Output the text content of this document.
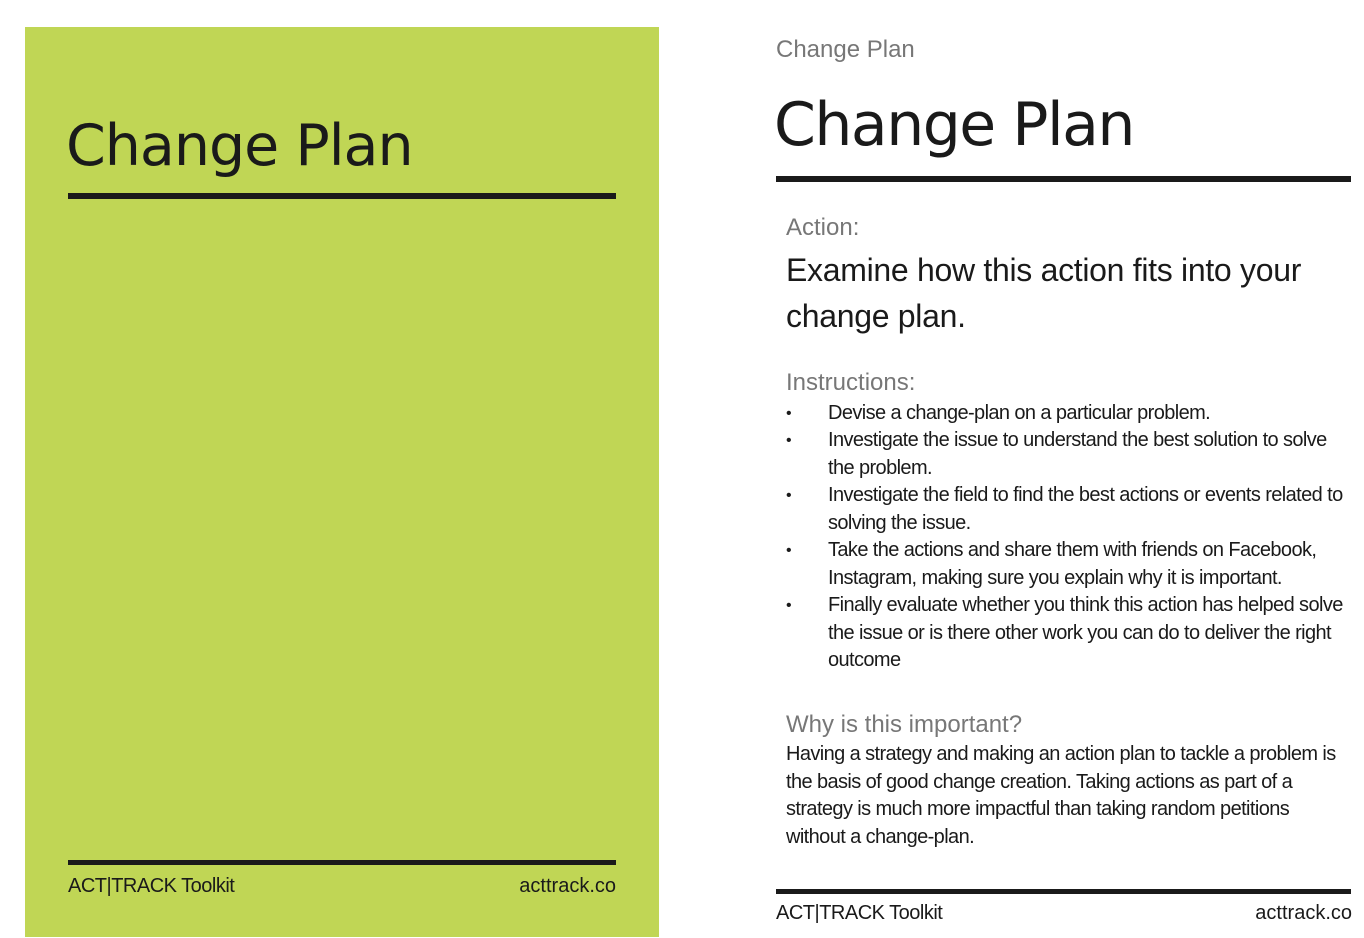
Change Plan
ACT|TRACK Toolkit	acttrack.co
Change Plan
Change Plan

Action:

Examine how this action fits into your change plan.

Instructions:

• Devise a change-plan on a particular problem.
• Investigate the issue to understand the best solution to solve the problem.
• Investigate the field to find the best actions or events related to solving the issue.
• Take the actions and share them with friends on Facebook, Instagram, making sure you explain why it is important.
• Finally evaluate whether you think this action has helped solve the issue or is there other work you can do to deliver the right outcome

Why is this important?

Having a strategy and making an action plan to tackle a problem is the basis of good change creation. Taking actions as part of a strategy is much more impactful than taking random petitions without a change-plan.

ACT|TRACK Toolkit	acttrack.co
